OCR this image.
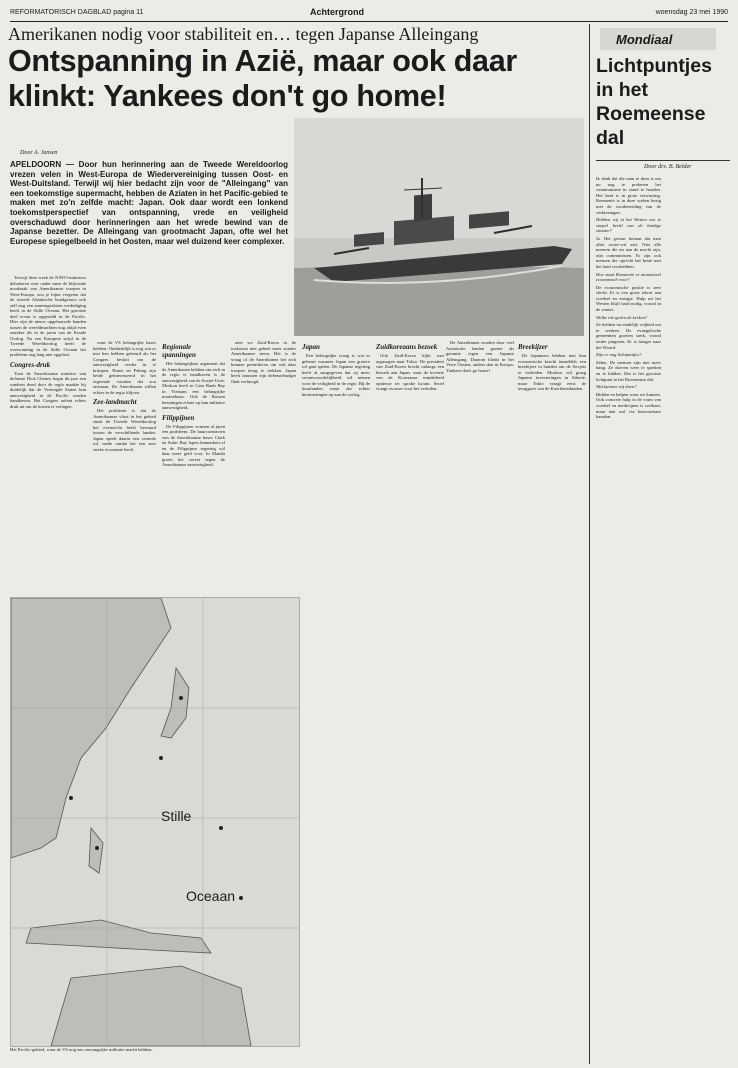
REFORMATORISCH DAGBLAD pagina 11	Achtergrond	woensdag 23 mei 1990
Amerikanen nodig voor stabiliteit en… tegen Japanse Alleingang
Ontspanning in Azië, maar ook daar
klinkt: Yankees don't go home!
Door A. Jansen

APELDOORN — Door hun herinnering aan de Tweede Wereldoorlog vrezen velen in West-Europa de Wiedervereiniging tussen Oost- en West-Duitsland. Terwijl wij hier bedacht zijn voor de "Alleingang" van een toekomstige supermacht, hebben de Aziaten in het Pacific-gebied te maken met zo'n zelfde macht: Japan. Ook daar wordt een lonkend toekomstperspectief van ontspanning, vrede en veiligheid overschaduwd door herinneringen aan het wrede bewind van de Japanse bezetter. De Alleingang van grootmacht Japan, ofte wel het Europese spiegelbeeld in het Oosten, maar wel duizend keer complexer.

Terwijl deze week de NAVO-ministers debatteren over onder meer de blijvende noodzaak van Amerikaanse troepen in West-Europa, zou je bijna vergeten dat de tweede Atlantische bondgenoot ook zelf nog een aaneengesloten verdediging heeft in de Stille Oceaan. Het grootste deel ervan is opgesteld in de Pacific. Hier zijn de nieuw opgebouwde banden tussen de wereldmachten nog altijd even onzeker als in de jaren van de Koude Oorlog. Na een Europese strijd in de Tweede Wereldoorlog heeft de overwinning in de Stille Oceaan het probleem nog lang niet opgelost.

Congres-druk

Toen de Amerikaanse minister van defensie Dick Cheney begin dit jaar een rondreis deed door de regio maakte hij duidelijk dat de Verenigde Staten hun aanwezigheid in de Pacific zouden handhaven. Het Congres oefent echter druk uit om de kosten te verlagen.

waar de VS belangrijke bases hebben. Onduidelijk is nog wat er met hen hebben gebeurd als het Congres besluit om de aanwezigheid verder in te krimpen. Hanoi en Peking zijn beide geïnteresseerd in het regionale vacuüm dat zou ontstaan. De Amerikanen willen echter in de regio blijven.

Zee-landmacht

Het probleem is dat de Amerikaanse vloot in het gebied sinds de Tweede Wereldoorlog het evenwicht heeft bewaard tussen de verschillende landen. Japan speelt daarin een centrale rol, mede omdat het een zeer sterke economie heeft.

Regionale spanningen

Het belangrijkste argument dat de Amerikanen hebben om zich in de regio te handhaven is de aanwezigheid van de Sovjet-Unie. Moskou heeft in Cam Ranh Bay in Vietnam een belangrijke marinebasis. Ook de Russen bezuinigen echter op hun militaire aanwezigheid.

Filippijnen

De Filippijnen vormen al jaren een probleem. De huurcontracten van de Amerikaanse bases Clark en Subic Bay lopen binnenkort af en de Filippijnse regering wil daar meer geld voor. In Manila groeit het verzet tegen de Amerikaanse aanwezigheid.

zien we Zuid-Korea in de toekomst niet geheel meer zonder Amerikaanse steun. Het is de vraag of de Amerikanen het zich kunnen permitteren om ook daar troepen terug te trekken. Japan heeft intussen zijn defensiebudget flink verhoogd.

Japan

Een belangrijke vraag is wat er gebeurt wanneer Japan een grotere rol gaat spelen. De Japanse regering heeft al aangegeven dat zij meer verantwoordelijkheid wil nemen voor de veiligheid in de regio. Bij de buurlanden roept dat echter herinneringen op aan de oorlog.

Zuidkoreaans bezoek

Ook Zuid-Korea kijkt met argusogen naar Tokio. De president van Zuid-Korea bracht onlangs een bezoek aan Japan, waar de kwestie van de Koreaanse minderheid opnieuw ter sprake kwam. Seoel vraagt excuses voor het verleden.

De Amerikanen worden door veel Aziatische landen gezien als garantie tegen een Japanse Alleingang. Daarom klinkt in het Verre Oosten, anders dan in Europa: Yankees don't go home!

Breekijzer

De Japanners hebben met hun economische kracht inmiddels een breekijzer in handen om de Sovjets te verleiden. Moskou wil graag Japanse investeringen in Siberië, maar Tokio vraagt eerst de teruggave van de Koerileneilanden.

Stille
Oceaan
Het Pacific-gebied, waar de VS nog een omvangrijke militaire macht hebben.
Mondiaal
Lichtpuntjes in het Roemeense dal
Door drs. B. Belder

Ik denk dat die man te dom is om nu nog te proberen het communisme in stand te houden. Het land is in grote verwarring. Roemenië is in deze weken bezig met de voorbereiding van de verkiezingen.

Hebben wij in het Westen een te simpel beeld van de huidige situatie?

Ja. Het gevaar bestaat dat men alles zwart-wit ziet. Niet alle mensen die nu aan de macht zijn, zijn communisten. Er zijn ook mensen die oprecht het beste met het land voorhebben.

Hoe staat Roemenië er momenteel economisch voor?

De economische positie is zeer slecht. Er is een groot tekort aan voedsel en energie. Hulp uit het Westen blijft hard nodig, vooral in de winter.

Welke rol spelen de kerken?

Ze hebben nu eindelijk vrijheid om te werken. De evangelische gemeenten groeien sterk, vooral onder jongeren. Er is honger naar het Woord.

Zijn er nog lichtpuntjes?

Zeker. De mensen zijn niet meer bang. Ze durven weer te spreken en te bidden. Dat is het grootste lichtpunt in het Roemeense dal.

Wat kunnen wij doen?

Bidden en helpen waar we kunnen. Ook concrete hulp in de vorm van voedsel en medicijnen is welkom, maar dan wel via betrouwbare kanalen.
